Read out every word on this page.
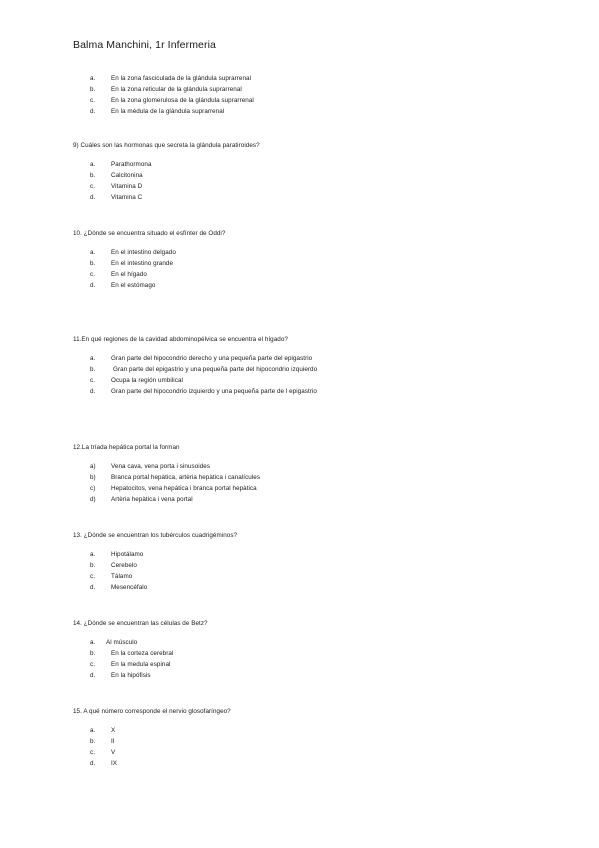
Balma Manchini, 1r Infermeria
a. En la zona fasciculada de la glándula suprarrenal
b. En la zona reticular de la glándula suprarrenal
c.	En la zona glomerulosa de la glándula suprarrenal
d. En la médula de la glándula suprarrenal
9) Cuáles son las hormonas que secreta la glándula paratiroides?
a. Parathormona
b. Calcitonina
c.	Vitamina D
d. Vitamina C
10. ¿Dónde se encuentra situado el esfínter de Oddi?
a. En el intestino delgado
b. En el intestino grande
c.	En el hígado
d. En el estómago
11.En qué regiones de la cavidad abdominopélvica se encuentra el hígado?
a. Gran parte del hipocondrio derecho y una pequeña parte del epigastrio
b.	Gran parte del epigastrio y una pequeña parte del hipocondrio izquierdo
c.	Ocupa la región umbilical
d. Gran parte del hipocondrio izquierdo y una pequeña parte de l epigastrio
12.La tríada hepática portal la forman
a) Vena cava, vena porta i sinusoides
b) Branca portal hepàtica, artèria hepàtica i canalícules
c) Hepatocitos, vena hepàtica i branca portal hepàtica
d) Artèria hepàtica i vena portal
13. ¿Dónde se encuentran los tubérculos cuadrigéminos?
a. Hipotálamo
b. Cerebelo
c.	Tálamo
d. Mesencéfalo
14. ¿Dónde se encuentran las células de Betz?
a. Al músculo
b. En la corteza cerebral
c.	En la medula espinal
d. En la hipófisis
15. A qué número corresponde el nervio glosofaríngeo?
a. X
b. II
c.	V
d. IX
